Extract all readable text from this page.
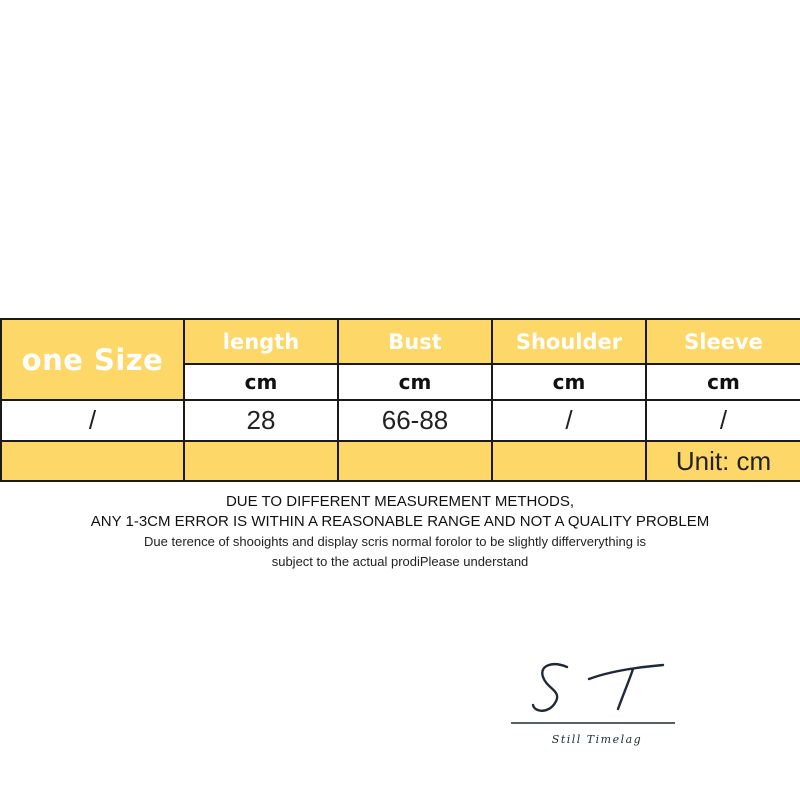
one Size	length	Bust	Shoulder	Sleeve
	cm	cm	cm	cm
/	28	66-88	/	/
				Unit: cm
DUE TO DIFFERENT MEASUREMENT METHODS,
ANY 1-3CM ERROR IS WITHIN A REASONABLE RANGE AND NOT A QUALITY PROBLEM
Due terence of shooights and display scris normal forolor to be slightly differverything is
subject to the actual prodiPlease understand
Still Timelag
